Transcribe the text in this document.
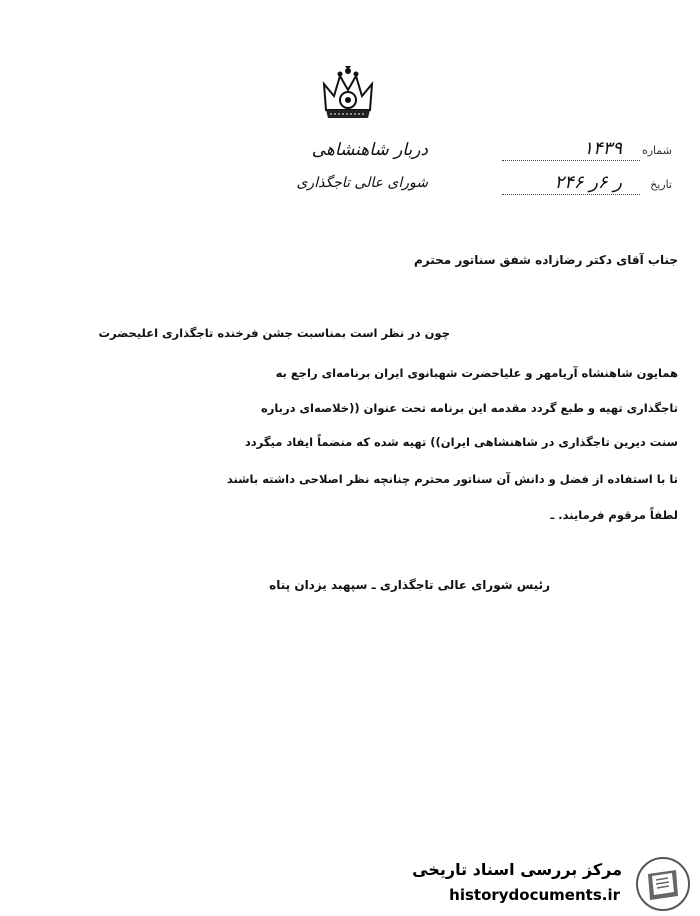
دربار شاهنشاهی
شورای عالی تاجگذاری
شماره
۱۴۳۹
تاریخ
۲ر ۶ر ۴۶
جناب آقای دکتر رضازاده شفق سناتور محترم
چون در نظر است بمناسبت جشن فرخنده تاجگذاری اعلیحضرت
همایون شاهنشاه آریامهر و علیاحضرت شهبانوی ایران برنامه‌ای راجع به
تاجگذاری تهیه و طبع گردد مقدمه این برنامه تحت عنوان ((خلاصه‌ای درباره
سنت دیرین تاجگذاری در شاهنشاهی ایران)) تهیه شده که منضماً ایفاد میگردد
تا با استفاده از فضل و دانش آن سناتور محترم چنانچه نظر اصلاحی داشته باشند
لطفاً مرقوم فرمایند. ـ
رئیس شورای عالی تاجگذاری ـ سپهبد یزدان پناه
مرکز بررسی اسناد تاریخی
historydocuments.ir
